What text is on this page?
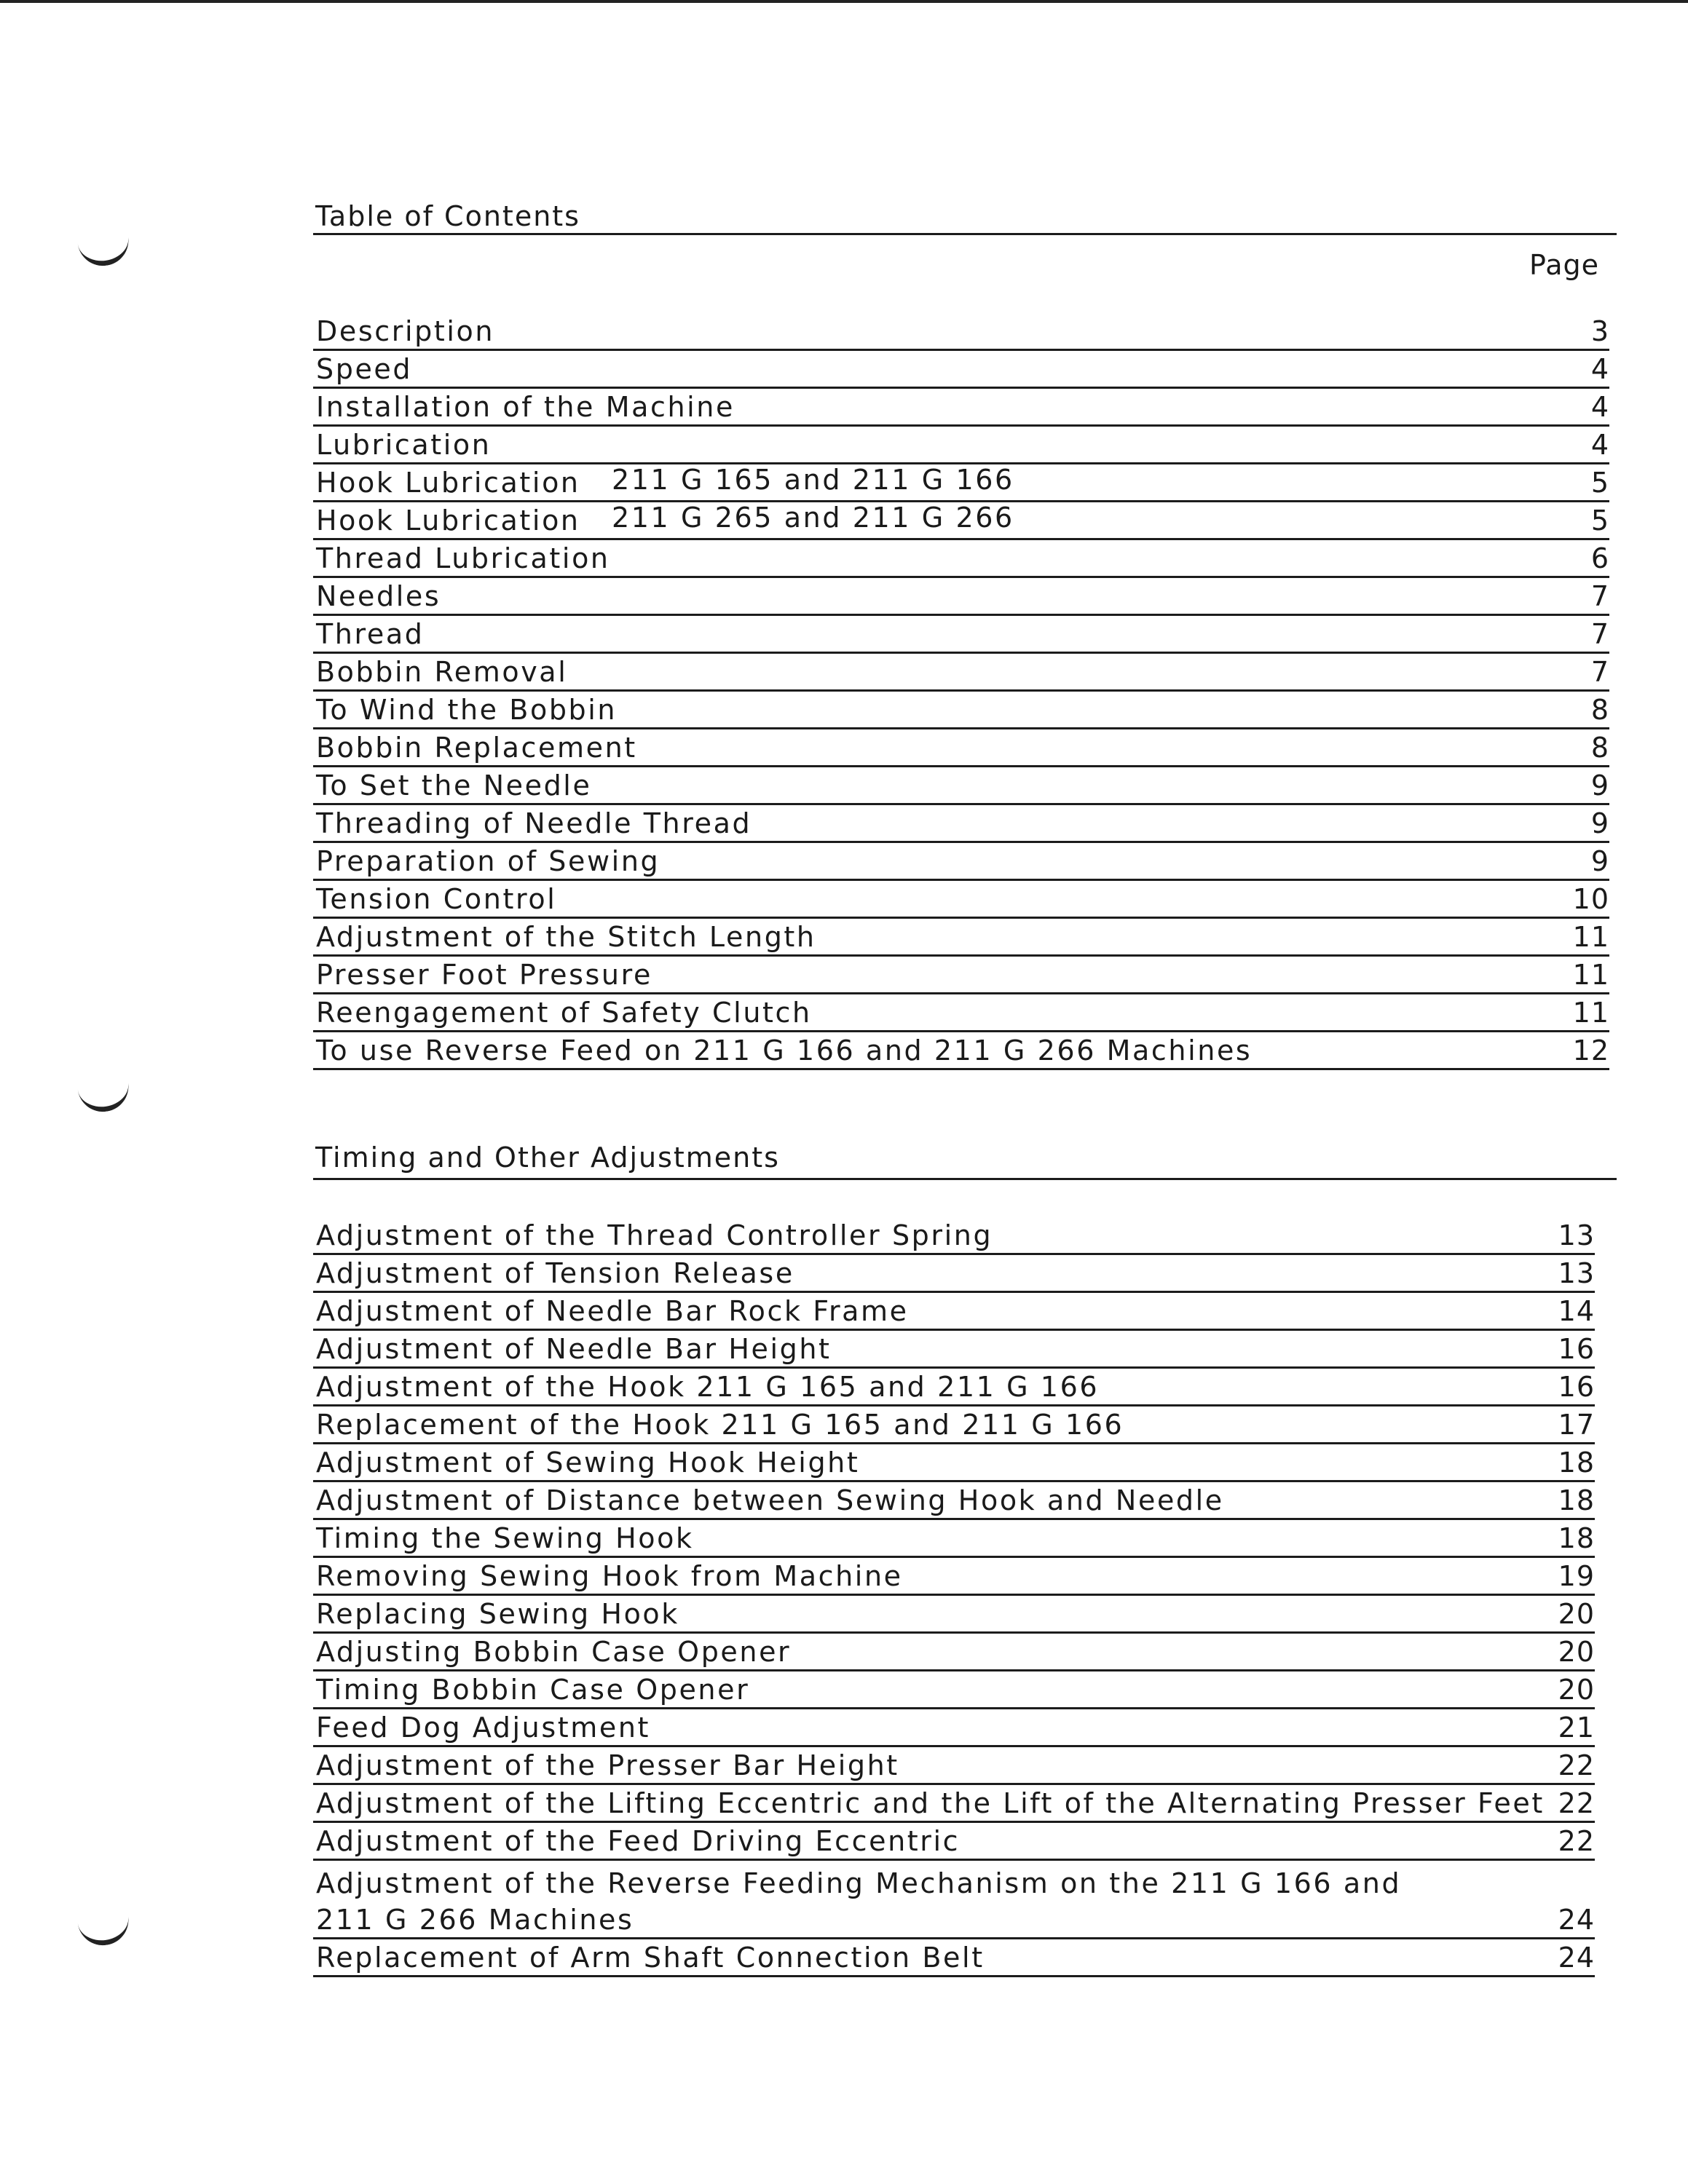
Table of Contents
Page
Description	3
Speed	4
Installation of the Machine	4
Lubrication	4
Hook Lubrication 211 G 165 and 211 G 166	5
Hook Lubrication 211 G 265 and 211 G 266	5
Thread Lubrication	6
Needles	7
Thread	7
Bobbin Removal	7
To Wind the Bobbin	8
Bobbin Replacement	8
To Set the Needle	9
Threading of Needle Thread	9
Preparation of Sewing	9
Tension Control	10
Adjustment of the Stitch Length	11
Presser Foot Pressure	11
Reengagement of Safety Clutch	11
To use Reverse Feed on 211 G 166 and 211 G 266 Machines	12
Timing and Other Adjustments
Adjustment of the Thread Controller Spring	13
Adjustment of Tension Release	13
Adjustment of Needle Bar Rock Frame	14
Adjustment of Needle Bar Height	16
Adjustment of the Hook 211 G 165 and 211 G 166	16
Replacement of the Hook 211 G 165 and 211 G 166	17
Adjustment of Sewing Hook Height	18
Adjustment of Distance between Sewing Hook and Needle	18
Timing the Sewing Hook	18
Removing Sewing Hook from Machine	19
Replacing Sewing Hook	20
Adjusting Bobbin Case Opener	20
Timing Bobbin Case Opener	20
Feed Dog Adjustment	21
Adjustment of the Presser Bar Height	22
Adjustment of the Lifting Eccentric and the Lift of the Alternating Presser Feet 22
Adjustment of the Feed Driving Eccentric	22
Adjustment of the Reverse Feeding Mechanism on the 211 G 166 and
211 G 266 Machines	24
Replacement of Arm Shaft Connection Belt	24
